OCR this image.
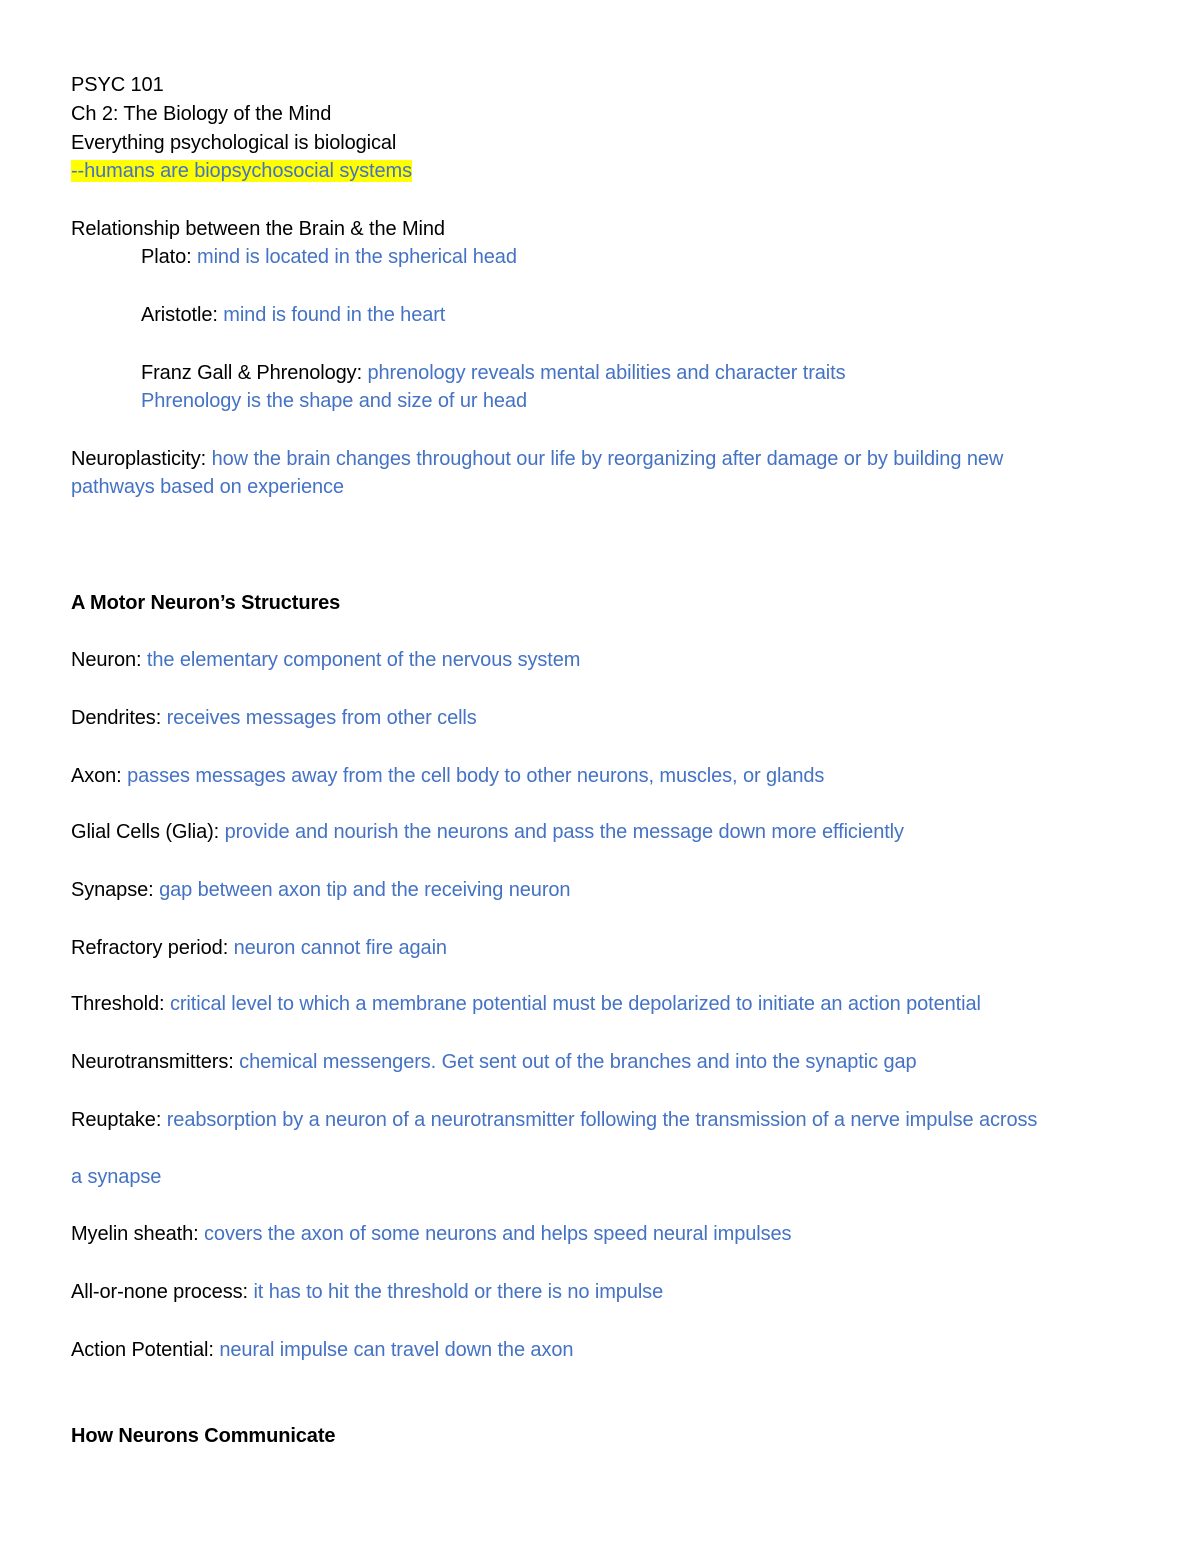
PSYC 101
Ch 2: The Biology of the Mind
Everything psychological is biological
--humans are biopsychosocial systems
Relationship between the Brain & the Mind
Plato: mind is located in the spherical head
Aristotle: mind is found in the heart
Franz Gall & Phrenology: phrenology reveals mental abilities and character traits
Phrenology is the shape and size of ur head
Neuroplasticity: how the brain changes throughout our life by reorganizing after damage or by building new
pathways based on experience
A Motor Neuron’s Structures
Neuron: the elementary component of the nervous system
Dendrites: receives messages from other cells
Axon: passes messages away from the cell body to other neurons, muscles, or glands
Glial Cells (Glia): provide and nourish the neurons and pass the message down more efficiently
Synapse: gap between axon tip and the receiving neuron
Refractory period: neuron cannot fire again
Threshold: critical level to which a membrane potential must be depolarized to initiate an action potential
Neurotransmitters: chemical messengers. Get sent out of the branches and into the synaptic gap
Reuptake: reabsorption by a neuron of a neurotransmitter following the transmission of a nerve impulse across
a synapse
Myelin sheath: covers the axon of some neurons and helps speed neural impulses
All-or-none process: it has to hit the threshold or there is no impulse
Action Potential: neural impulse can travel down the axon
How Neurons Communicate
